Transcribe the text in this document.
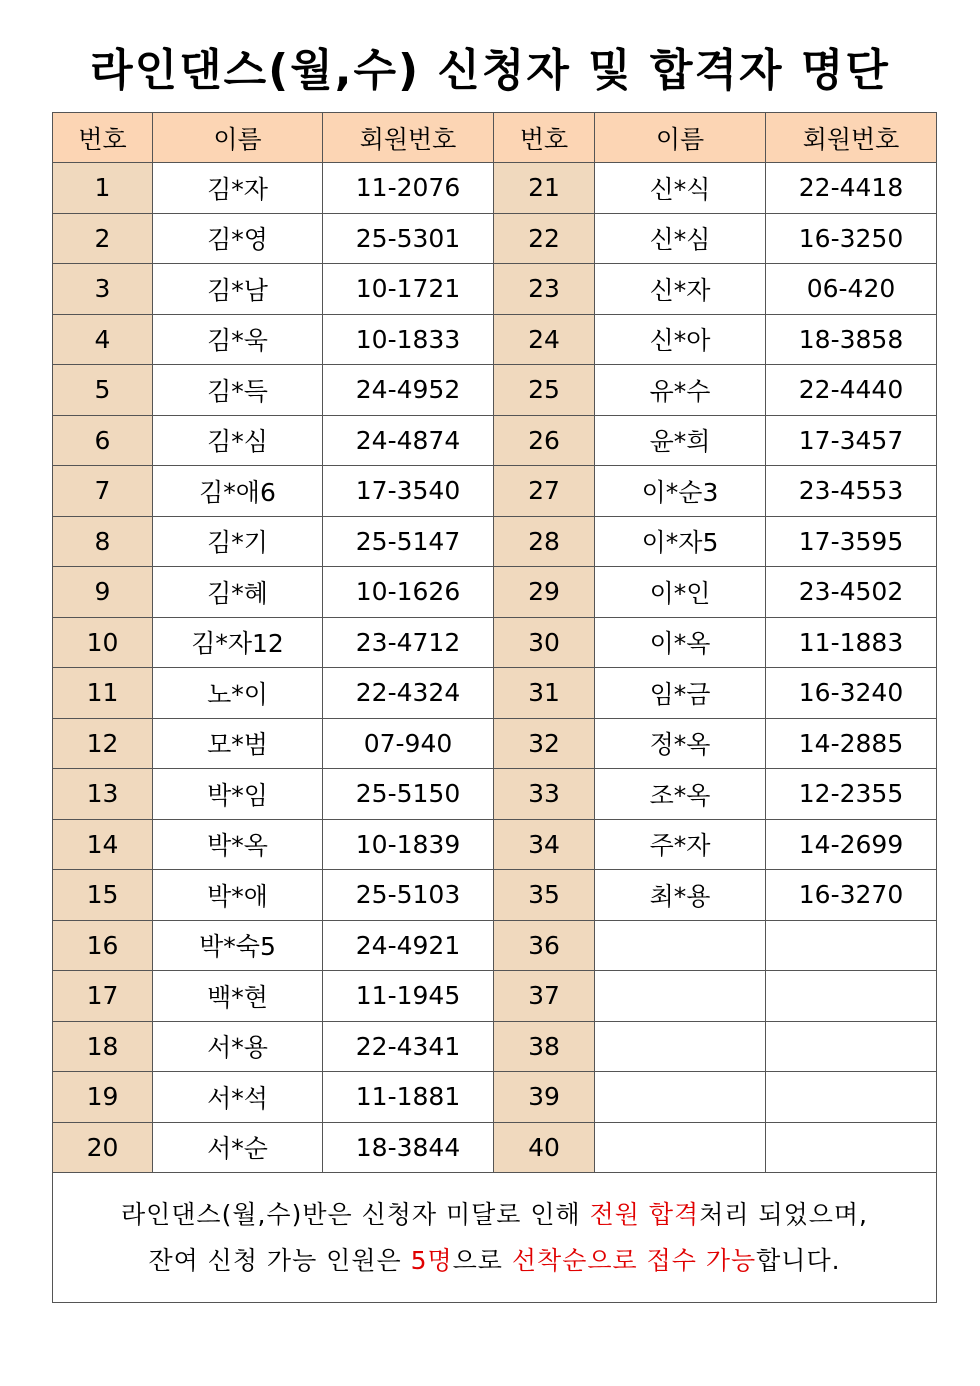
라인댄스(월,수) 신청자 및 합격자 명단
번호	이름	회원번호	번호	이름	회원번호
1	김*자	11-2076	21	신*식	22-4418
2	김*영	25-5301	22	신*심	16-3250
3	김*남	10-1721	23	신*자	06-420
4	김*욱	10-1833	24	신*아	18-3858
5	김*득	24-4952	25	유*수	22-4440
6	김*심	24-4874	26	윤*희	17-3457
7	김*애6	17-3540	27	이*순3	23-4553
8	김*기	25-5147	28	이*자5	17-3595
9	김*혜	10-1626	29	이*인	23-4502
10	김*자12	23-4712	30	이*옥	11-1883
11	노*이	22-4324	31	임*금	16-3240
12	모*범	07-940	32	정*옥	14-2885
13	박*임	25-5150	33	조*옥	12-2355
14	박*옥	10-1839	34	주*자	14-2699
15	박*애	25-5103	35	최*용	16-3270
16	박*숙5	24-4921	36		
17	백*현	11-1945	37		
18	서*용	22-4341	38		
19	서*석	11-1881	39		
20	서*순	18-3844	40		

라인댄스(월,수)반은 신청자 미달로 인해 전원 합격처리 되었으며,
잔여 신청 가능 인원은 5명으로 선착순으로 접수 가능합니다.					
